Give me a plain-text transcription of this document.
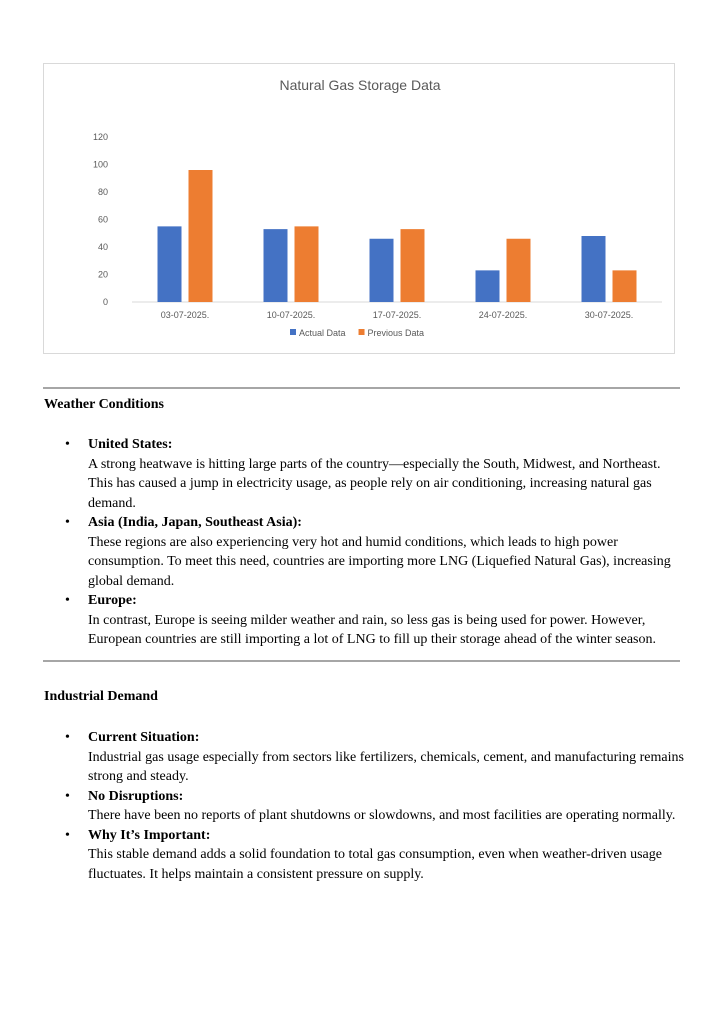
Natural Gas Storage Data
0
20
40
60
80
100
120
03-07-2025.	10-07-2025.	17-07-2025.	24-07-2025.	30-07-2025.
Actual Data Previous Data
Weather Conditions
• United States:
A strong heatwave is hitting large parts of the country—especially the South, Midwest, and Northeast. This has caused a jump in electricity usage, as people rely on air conditioning, increasing natural gas demand.
• Asia (India, Japan, Southeast Asia):
These regions are also experiencing very hot and humid conditions, which leads to high power consumption. To meet this need, countries are importing more LNG (Liquefied Natural Gas), increasing global demand.
• Europe:
In contrast, Europe is seeing milder weather and rain, so less gas is being used for power. However, European countries are still importing a lot of LNG to fill up their storage ahead of the winter season.
Industrial Demand
• Current Situation:
Industrial gas usage especially from sectors like fertilizers, chemicals, cement, and manufacturing remains strong and steady.
• No Disruptions:
There have been no reports of plant shutdowns or slowdowns, and most facilities are operating normally.
• Why It’s Important:
This stable demand adds a solid foundation to total gas consumption, even when weather-driven usage fluctuates. It helps maintain a consistent pressure on supply.
